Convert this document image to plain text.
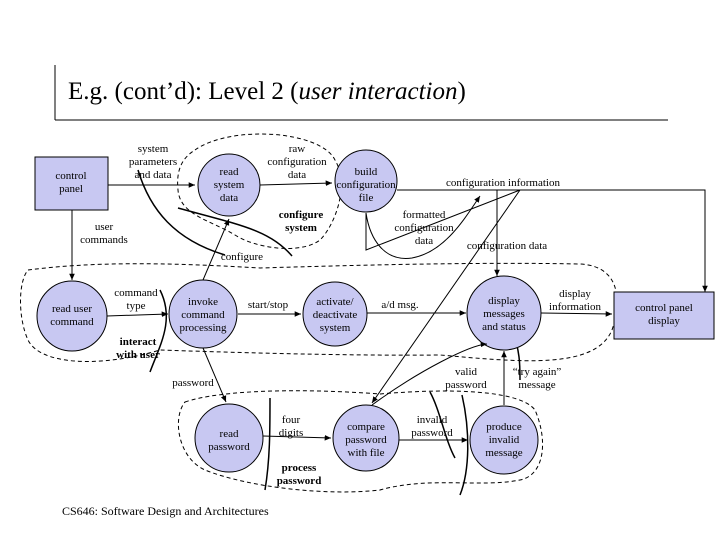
E.g. (cont’d): Level 2 (user interaction)
control
panel
control panel
display
read
system
data
build
configuration
file
read user
command
invoke
command
processing
activate/
deactivate
system
display
messages
and status
read
password
compare
password
with file
produce
invalid
message
system
parameters
and data
raw
configuration
data
configuration information
formatted
configuration
data	configuration data
user
commands
configure
command
type	start/stop	a/d msg.
display
information
password
four
digits
invalid
password
valid
password
“try again”
message
configure
system
interact
with user
process
password
CS646: Software Design and Architectures
